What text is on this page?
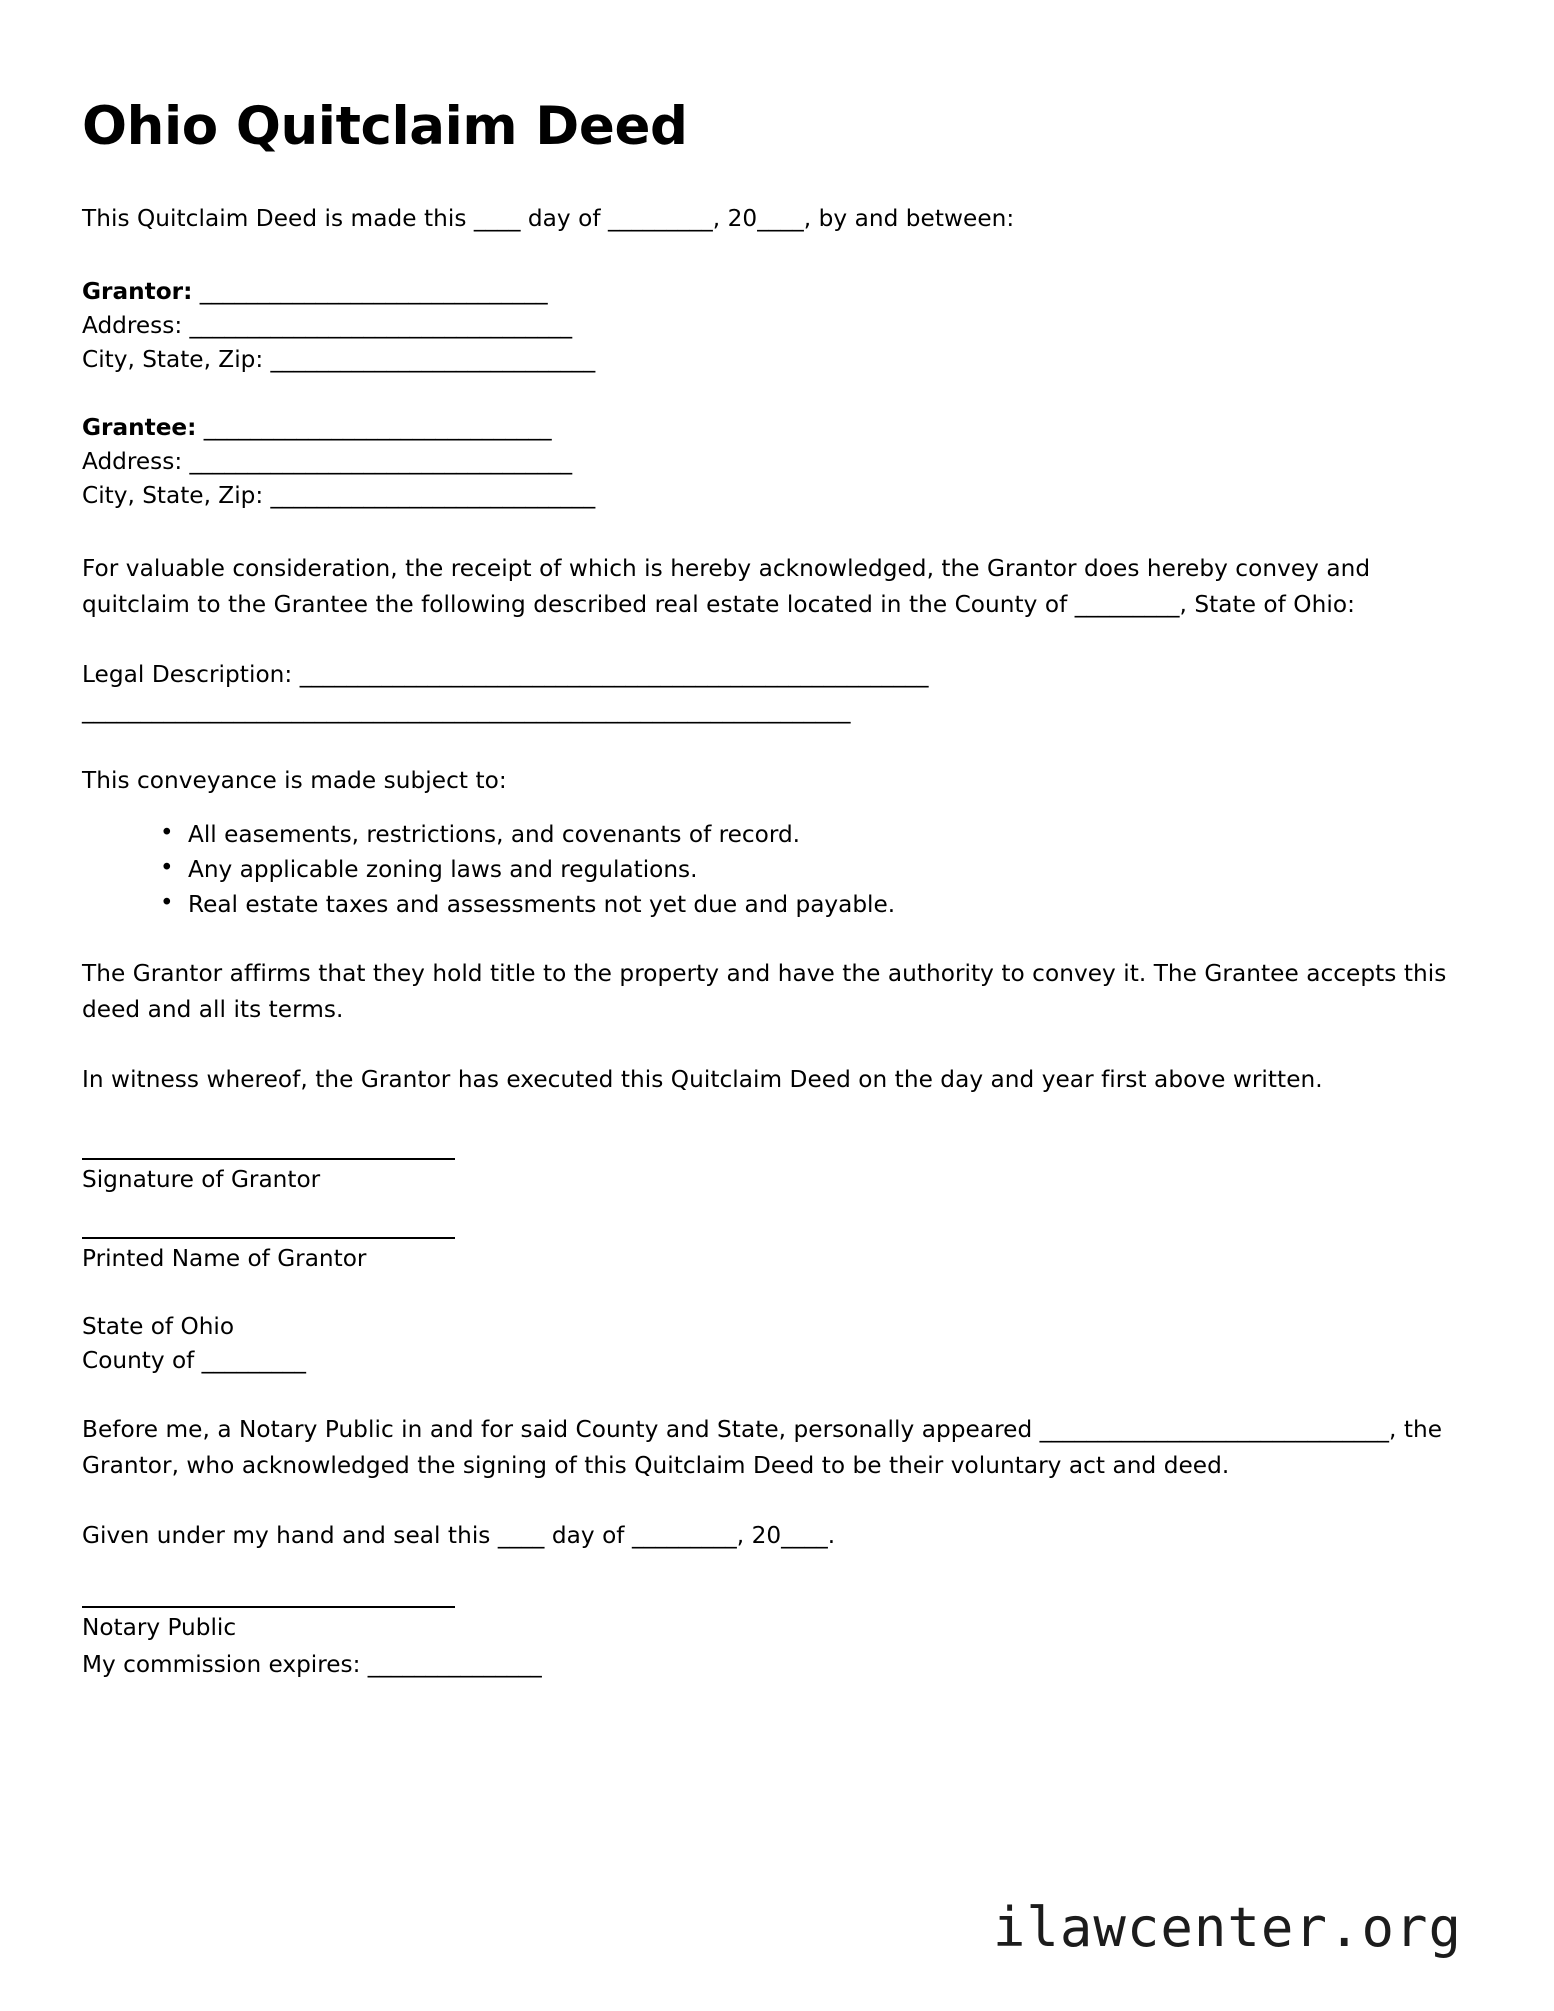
Ohio Quitclaim Deed

This Quitclaim Deed is made this ____ day of _________, 20____, by and between:

Grantor: ______________________________
Address: _________________________________
City, State, Zip: ____________________________
Grantee: ______________________________
Address: _________________________________
City, State, Zip: ____________________________

For valuable consideration, the receipt of which is hereby acknowledged, the Grantor does hereby convey and quitclaim to the Grantee the following described real estate located in the County of _________, State of Ohio:

Legal Description: ______________________________________________________
__________________________________________________________________

This conveyance is made subject to:

• All easements, restrictions, and covenants of record.
• Any applicable zoning laws and regulations.
• Real estate taxes and assessments not yet due and payable.

The Grantor affirms that they hold title to the property and have the authority to convey it. The Grantee accepts this deed and all its terms.

In witness whereof, the Grantor has executed this Quitclaim Deed on the day and year first above written.

Signature of Grantor
Printed Name of Grantor
State of Ohio
County of _________

Before me, a Notary Public in and for said County and State, personally appeared ______________________________, the Grantor, who acknowledged the signing of this Quitclaim Deed to be their voluntary act and deed.

Given under my hand and seal this ____ day of _________, 20____.

Notary Public
My commission expires: _______________
ilawcenter.org
